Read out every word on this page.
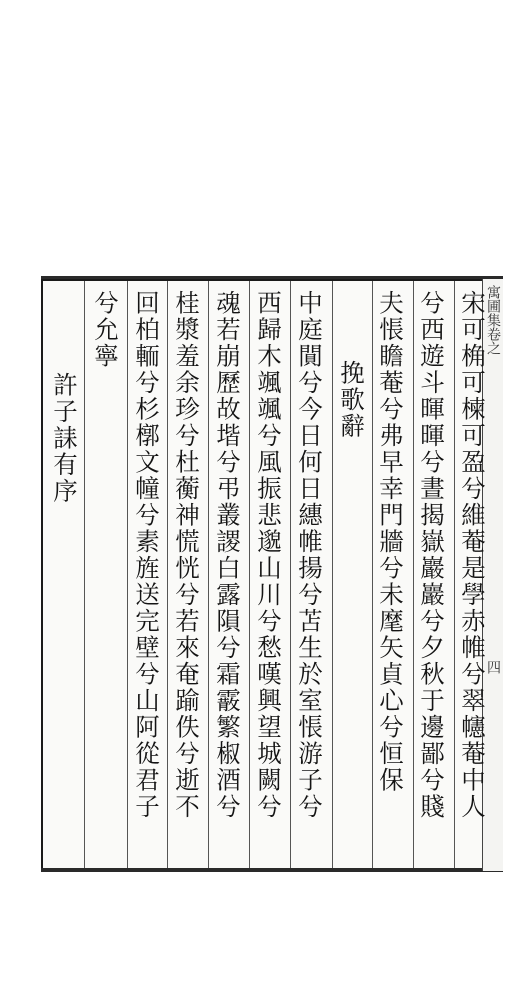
寓圃集卷之
四
宋可桷可楝可盈兮維菴是學赤帷兮翠幰菴中人
兮西遊斗暉暉兮晝揭嶽巖巖兮夕秋于邊鄙兮賤
夫悵瞻菴兮弗早幸門牆兮未麾矢貞心兮恒保
挽歌辭
中庭閴兮今日何日繐帷揚兮苫生於室悵游子兮
西歸木颯颯兮風振悲邈山川兮愁嘆興望城闕兮
魂若崩歷故堦兮弔叢謖白露隕兮霜霰繁椒酒兮
桂漿羞余珍兮杜蘅神慌恍兮若來奄踰佚兮逝不
回柏輀兮杉槨文幢兮素旌送完壁兮山阿從君子
兮允寧
許子誄有序
